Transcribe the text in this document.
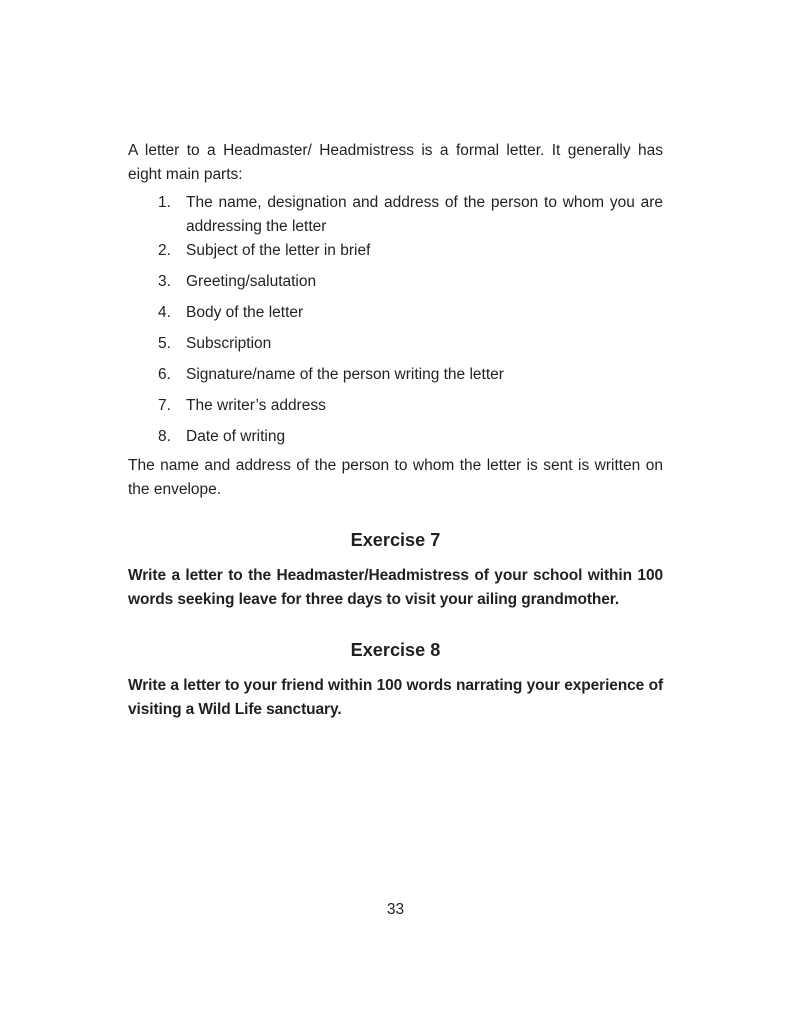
A letter to a Headmaster/ Headmistress is a formal letter. It generally has eight main parts:

1. The name, designation and address of the person to whom you are addressing the letter
2. Subject of the letter in brief
3. Greeting/salutation
4. Body of the letter
5. Subscription
6. Signature/name of the person writing the letter
7. The writer’s address
8. Date of writing

The name and address of the person to whom the letter is sent is written on the envelope.

Exercise 7

Write a letter to the Headmaster/Headmistress of your school within 100 words seeking leave for three days to visit your ailing grandmother.

Exercise 8

Write a letter to your friend within 100 words narrating your experience of visiting a Wild Life sanctuary.

33
